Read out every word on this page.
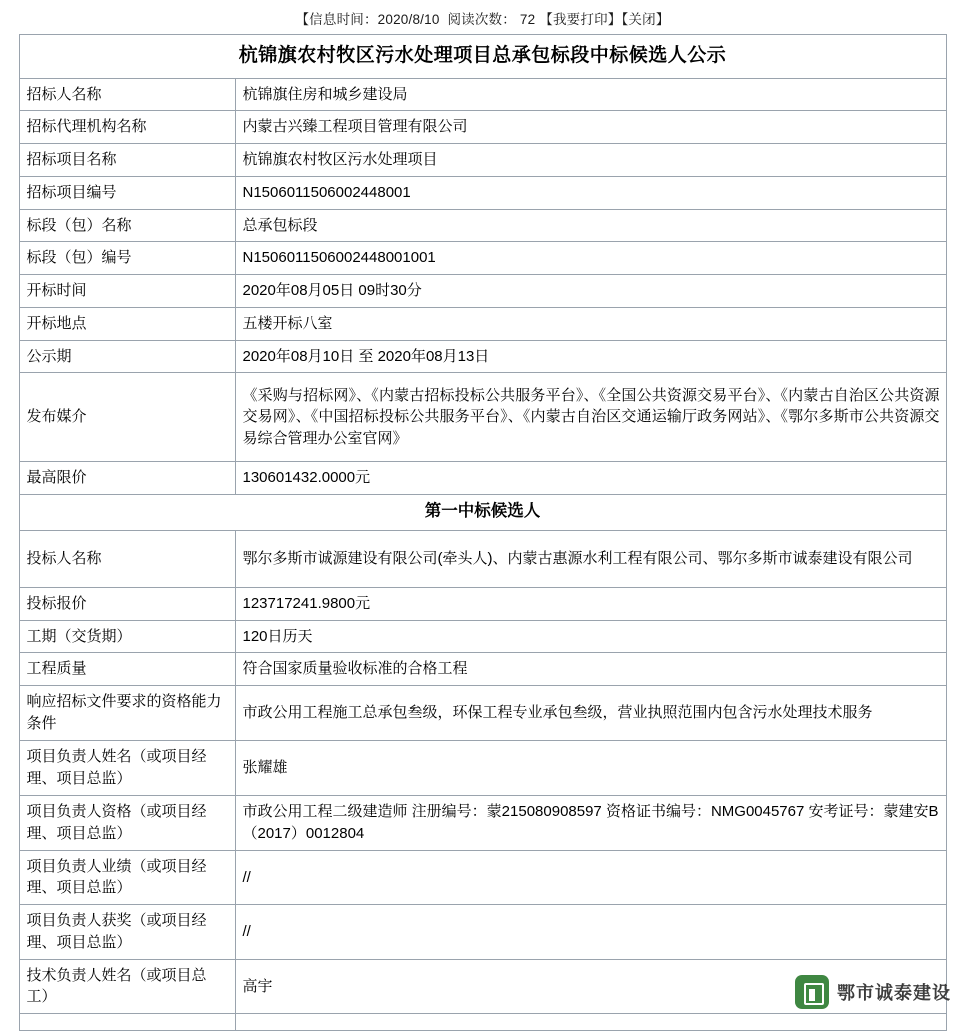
【信息时间：2020/8/10 阅读次数： 72 【我要打印】【关闭】
杭锦旗农村牧区污水处理项目总承包标段中标候选人公示	
招标人名称	杭锦旗住房和城乡建设局
招标代理机构名称	内蒙古兴臻工程项目管理有限公司
招标项目名称	杭锦旗农村牧区污水处理项目
招标项目编号	N1506011506002448001
标段（包）名称	总承包标段
标段（包）编号	N1506011506002448001001
开标时间	2020年08月05日 09时30分
开标地点	五楼开标八室
公示期	2020年08月10日 至 2020年08月13日
发布媒介	《采购与招标网》、《内蒙古招标投标公共服务平台》、《全国公共资源交易平台》、《内蒙古自治区公共资源交易网》、《中国招标投标公共服务平台》、《内蒙古自治区交通运输厅政务网站》、《鄂尔多斯市公共资源交易综合管理办公室官网》
最高限价	130601432.0000元
第一中标候选人	
投标人名称	鄂尔多斯市诚源建设有限公司(牵头人)、内蒙古惠源水利工程有限公司、鄂尔多斯市诚泰建设有限公司
投标报价	123717241.9800元
工期（交货期）	120日历天
工程质量	符合国家质量验收标准的合格工程
响应招标文件要求的资格能力条件	市政公用工程施工总承包叁级，环保工程专业承包叁级，营业执照范围内包含污水处理技术服务
项目负责人姓名（或项目经理、项目总监）	张耀雄
项目负责人资格（或项目经理、项目总监）	市政公用工程二级建造师 注册编号：蒙215080908597 资格证书编号：NMG0045767 安考证号：蒙建安B（2017）0012804
项目负责人业绩（或项目经理、项目总监）	//
项目负责人获奖（或项目经理、项目总监）	//
技术负责人姓名（或项目总工）	高宇
		鄂市诚泰建设
